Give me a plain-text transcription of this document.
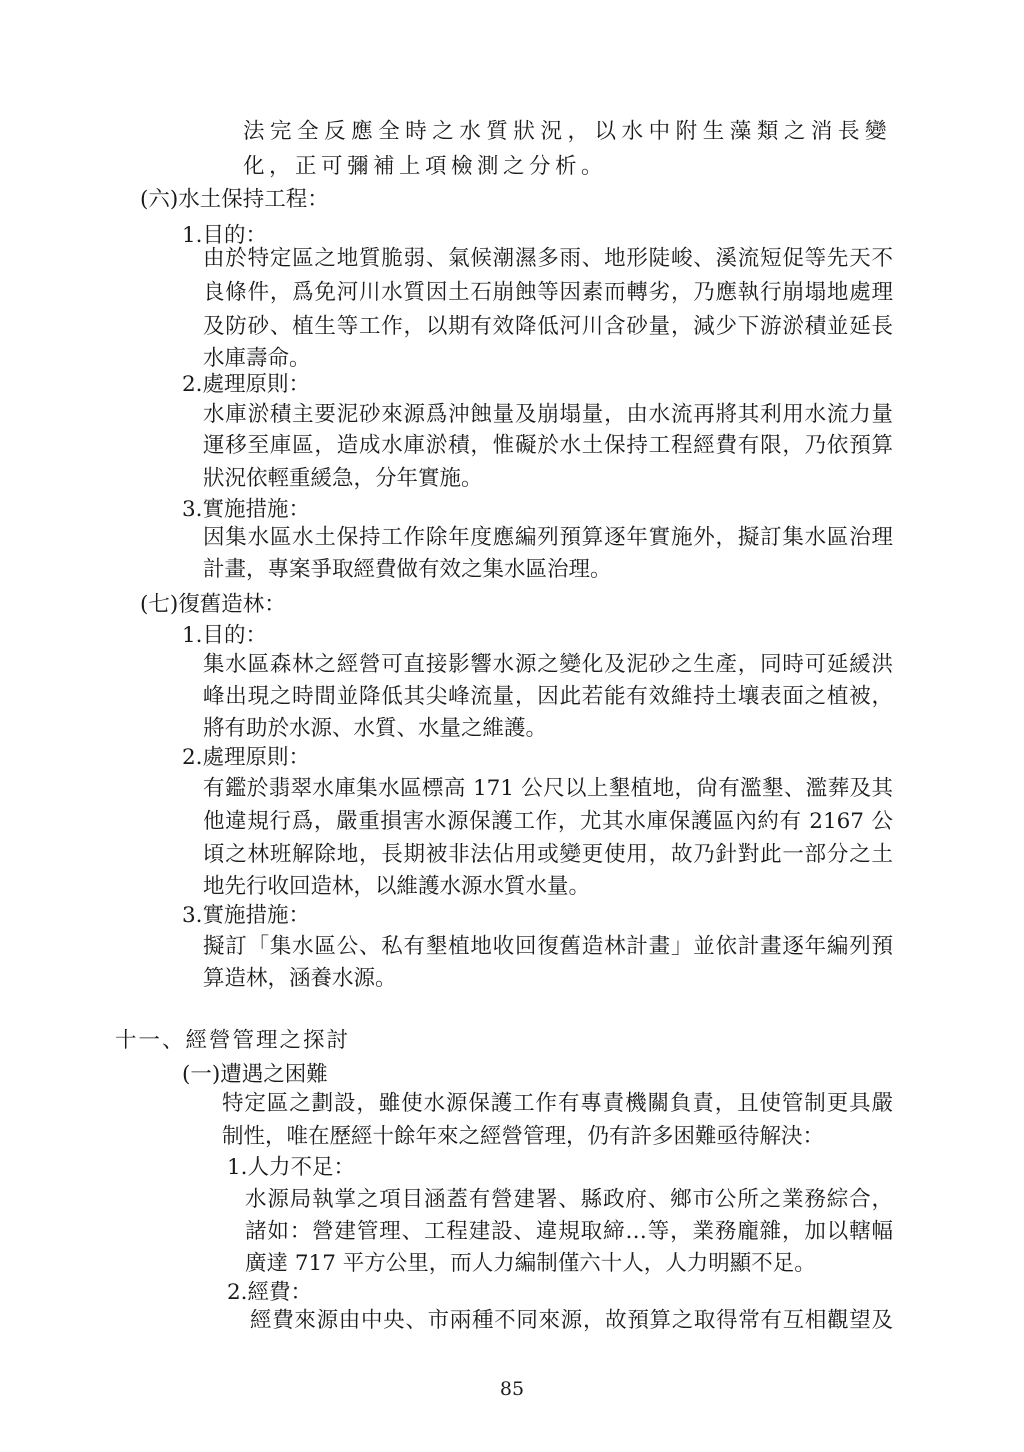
法完全反應全時之水質狀況，以水中附生藻類之消長變
化，正可彌補上項檢測之分析。
(六)水土保持工程：
1.目的：
由於特定區之地質脆弱、氣候潮濕多雨、地形陡峻、溪流短促等先天不
良條件，爲免河川水質因土石崩蝕等因素而轉劣，乃應執行崩塌地處理
及防砂、植生等工作，以期有效降低河川含砂量，減少下游淤積並延長
水庫壽命。
2.處理原則：
水庫淤積主要泥砂來源爲沖蝕量及崩塌量，由水流再將其利用水流力量
運移至庫區，造成水庫淤積，惟礙於水土保持工程經費有限，乃依預算
狀況依輕重緩急，分年實施。
3.實施措施：
因集水區水土保持工作除年度應編列預算逐年實施外，擬訂集水區治理
計畫，專案爭取經費做有效之集水區治理。
(七)復舊造林：
1.目的：
集水區森林之經營可直接影響水源之變化及泥砂之生產，同時可延緩洪
峰出現之時間並降低其尖峰流量，因此若能有效維持土壤表面之植被，
將有助於水源、水質、水量之維護。
2.處理原則：
有鑑於翡翠水庫集水區標高 171 公尺以上墾植地，尙有濫墾、濫葬及其
他違規行爲，嚴重損害水源保護工作，尤其水庫保護區內約有 2167 公
頃之林班解除地，長期被非法佔用或變更使用，故乃針對此一部分之土
地先行收回造林，以維護水源水質水量。
3.實施措施：
擬訂「集水區公、私有墾植地收回復舊造林計畫」並依計畫逐年編列預
算造林，涵養水源。
十一、經營管理之探討
(一)遭遇之困難
特定區之劃設，雖使水源保護工作有專責機關負責，且使管制更具嚴
制性，唯在歷經十餘年來之經營管理，仍有許多困難亟待解決：
1.人力不足：
水源局執掌之項目涵蓋有營建署、縣政府、鄉市公所之業務綜合，
諸如：營建管理、工程建設、違規取締…等，業務龐雜，加以轄幅
廣達 717 平方公里，而人力編制僅六十人，人力明顯不足。
2.經費：
經費來源由中央、市兩種不同來源，故預算之取得常有互相觀望及
85
